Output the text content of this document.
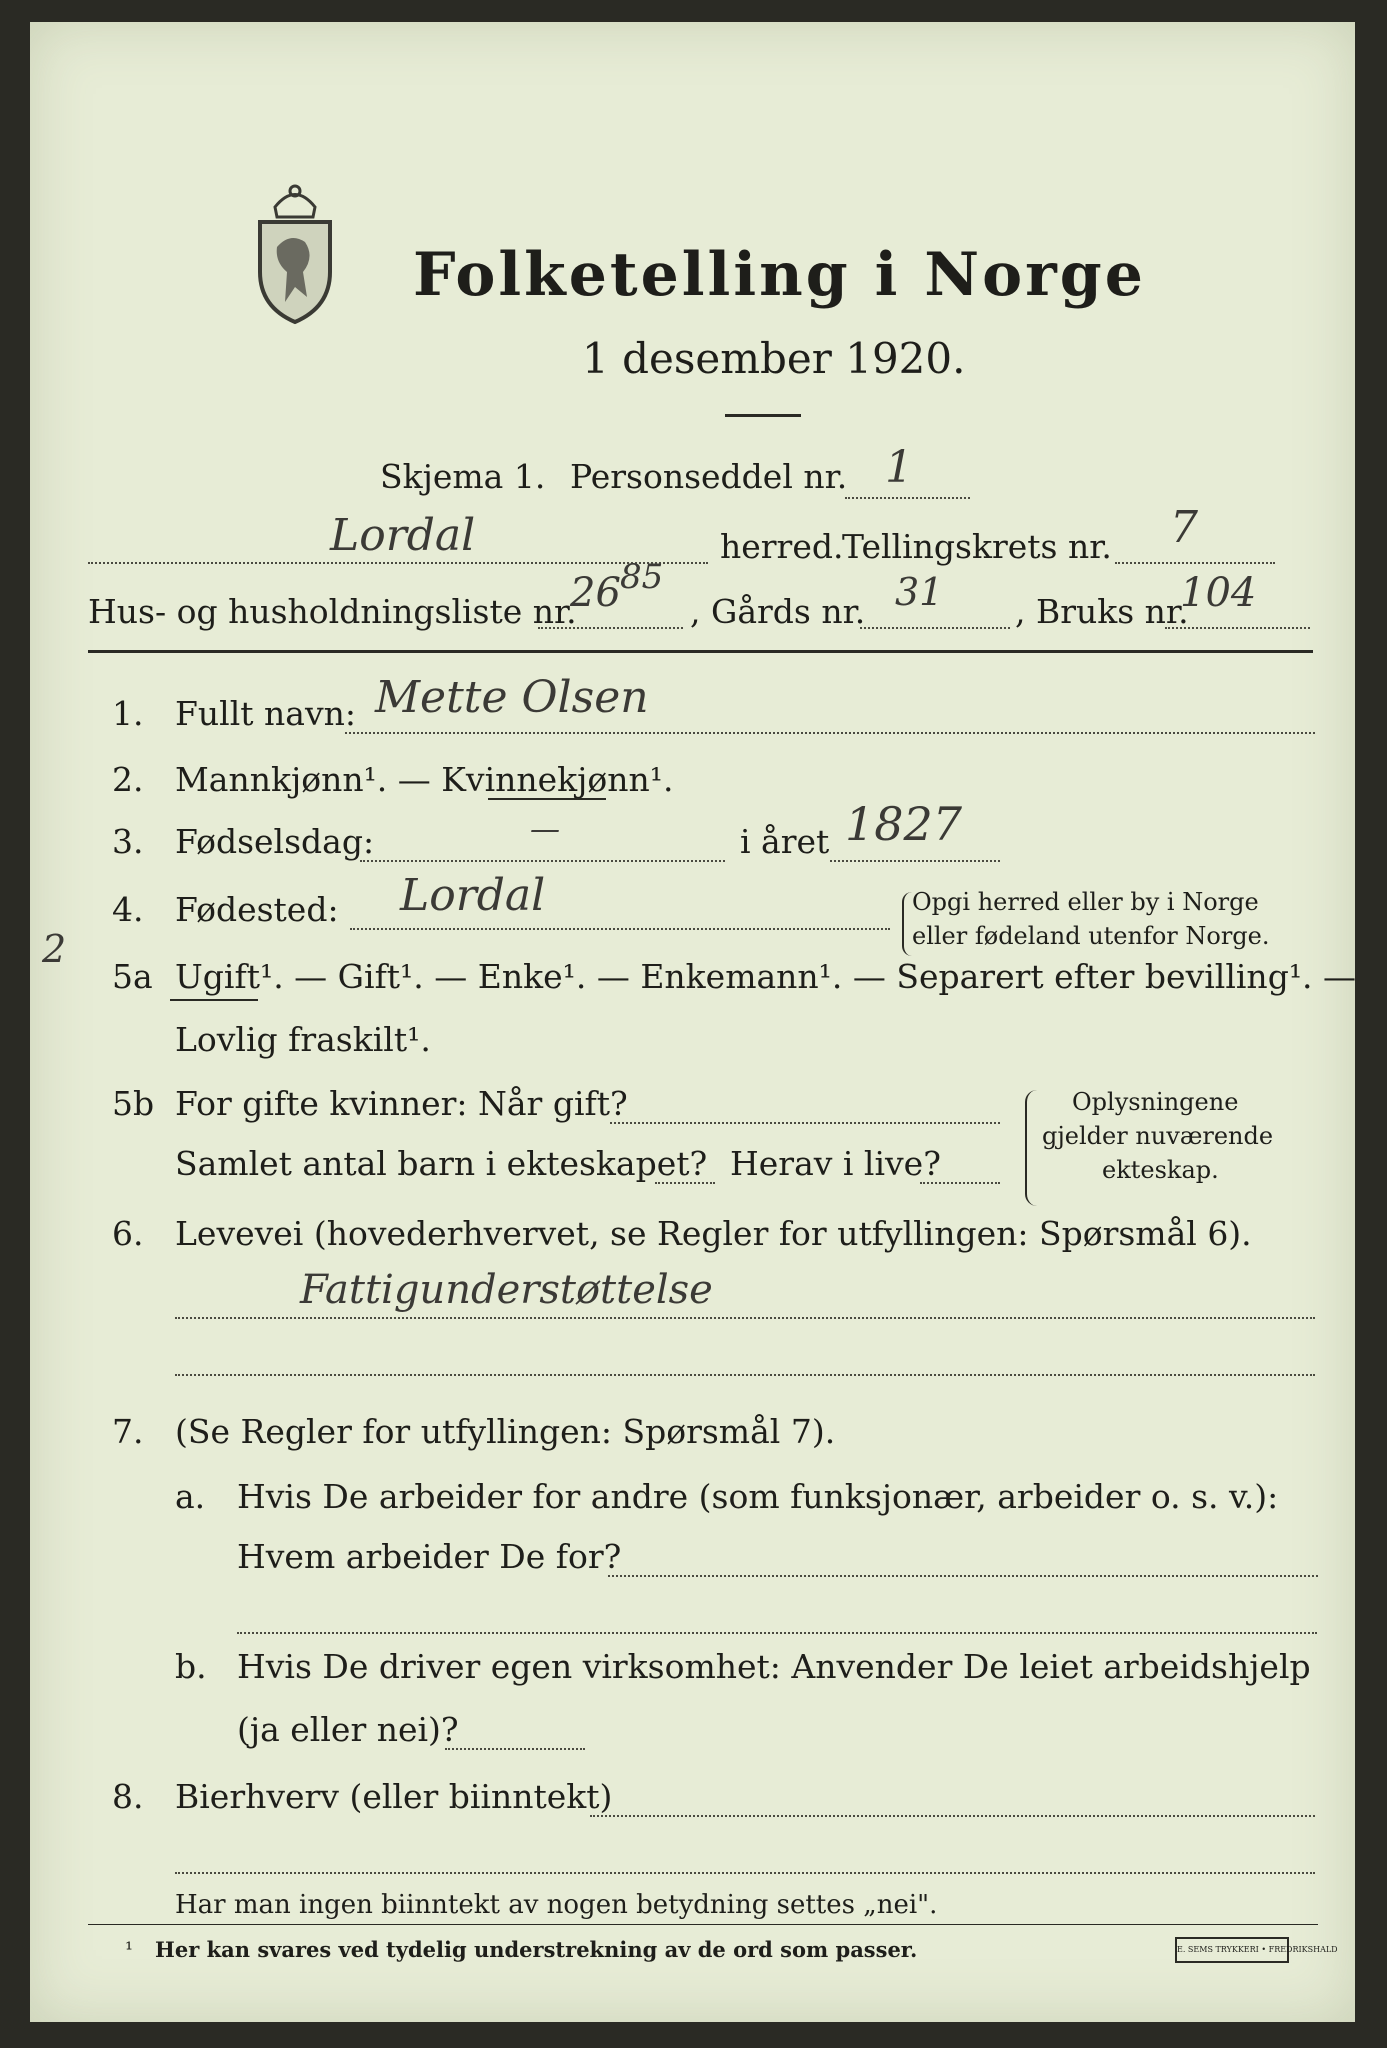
Folketelling i Norge
1 desember 1920.
Skjema 1. Personseddel nr. 1
Lordal	herred.
Tellingskrets nr. 7
Hus- og husholdningsliste nr.
26 85
, Gårds nr. 31 , Bruks nr.
104
1. Fullt navn: Mette Olsen
2. Mannkjønn¹. — Kvinnekjønn¹.
3. Fødselsdag:	—	i året 1827
4. Fødested: Lordal	Opgi herred eller by i Norge
eller fødeland utenfor Norge.
2
5a Ugift¹. — Gift¹. — Enke¹. — Enkemann¹. — Separert efter bevilling¹. —
Lovlig fraskilt¹.
5b For gifte kvinner: Når gift?
Samlet antal barn i ekteskapet? Herav i live?
Oplysningene
gjelder nuværende
ekteskap.
6. Levevei (hovederhvervet, se Regler for utfyllingen: Spørsmål 6).
Fattigunderstøttelse
7. (Se Regler for utfyllingen: Spørsmål 7).
a. Hvis De arbeider for andre (som funksjonær, arbeider o. s. v.):
Hvem arbeider De for?
b. Hvis De driver egen virksomhet: Anvender De leiet arbeidshjelp
(ja eller nei)?
8. Bierhverv (eller biinntekt)
Har man ingen biinntekt av nogen betydning settes „nei".
¹ Her kan svares ved tydelig understrekning av de ord som passer.	E. SEMS TRYKKERI • FREDRIKSHALD
